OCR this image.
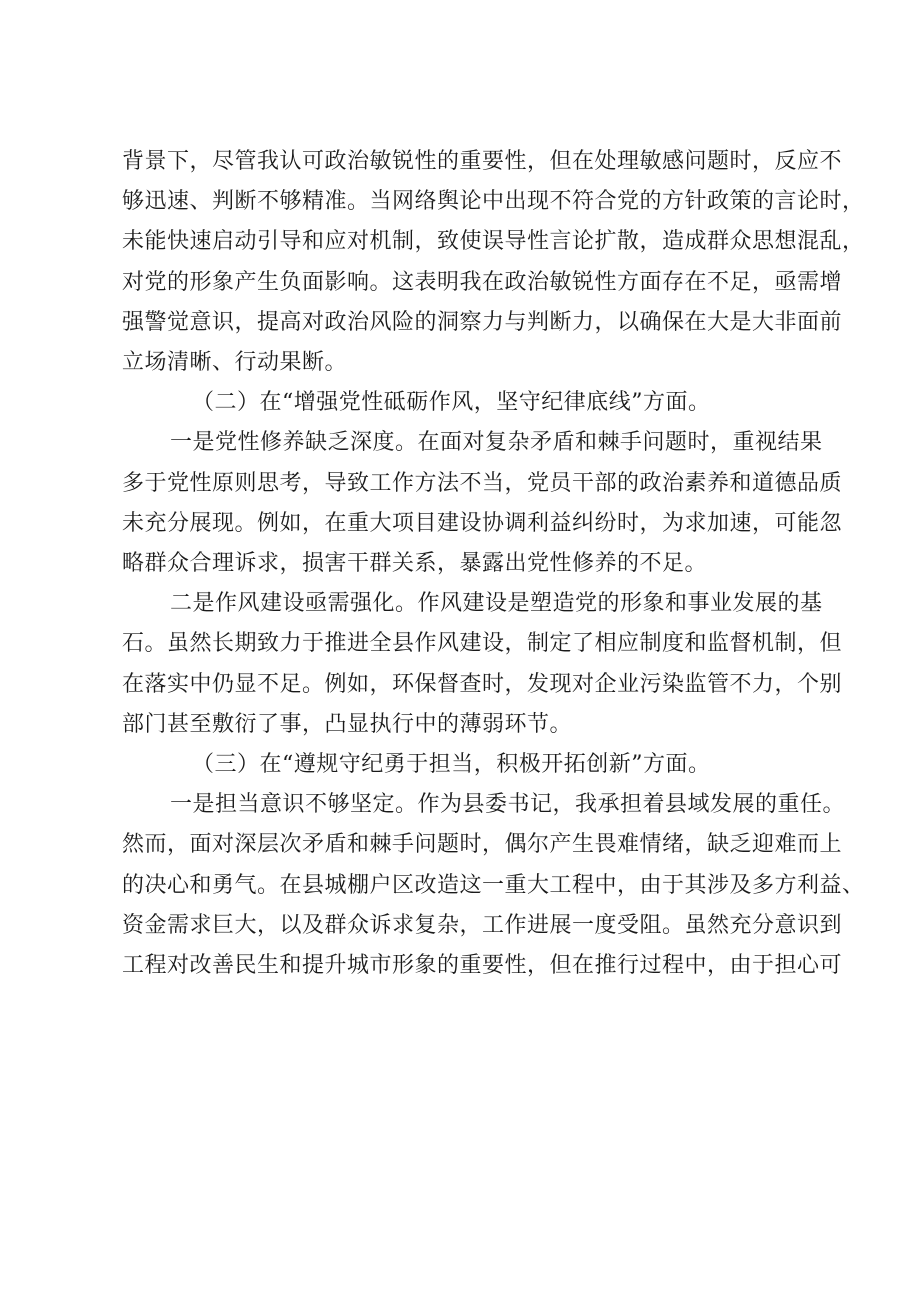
背景下，尽管我认可政治敏锐性的重要性，但在处理敏感问题时，反应不
够迅速、判断不够精准。当网络舆论中出现不符合党的方针政策的言论时，
未能快速启动引导和应对机制，致使误导性言论扩散，造成群众思想混乱，
对党的形象产生负面影响。这表明我在政治敏锐性方面存在不足，亟需增
强警觉意识，提高对政治风险的洞察力与判断力，以确保在大是大非面前
立场清晰、行动果断。
（二）在“增强党性砥砺作风，坚守纪律底线”方面。
一是党性修养缺乏深度。在面对复杂矛盾和棘手问题时，重视结果
多于党性原则思考，导致工作方法不当，党员干部的政治素养和道德品质
未充分展现。例如，在重大项目建设协调利益纠纷时，为求加速，可能忽
略群众合理诉求，损害干群关系，暴露出党性修养的不足。
二是作风建设亟需强化。作风建设是塑造党的形象和事业发展的基
石。虽然长期致力于推进全县作风建设，制定了相应制度和监督机制，但
在落实中仍显不足。例如，环保督查时，发现对企业污染监管不力，个别
部门甚至敷衍了事，凸显执行中的薄弱环节。
（三）在“遵规守纪勇于担当，积极开拓创新”方面。
一是担当意识不够坚定。作为县委书记，我承担着县域发展的重任。
然而，面对深层次矛盾和棘手问题时，偶尔产生畏难情绪，缺乏迎难而上
的决心和勇气。在县城棚户区改造这一重大工程中，由于其涉及多方利益、
资金需求巨大，以及群众诉求复杂，工作进展一度受阻。虽然充分意识到
工程对改善民生和提升城市形象的重要性，但在推行过程中，由于担心可
